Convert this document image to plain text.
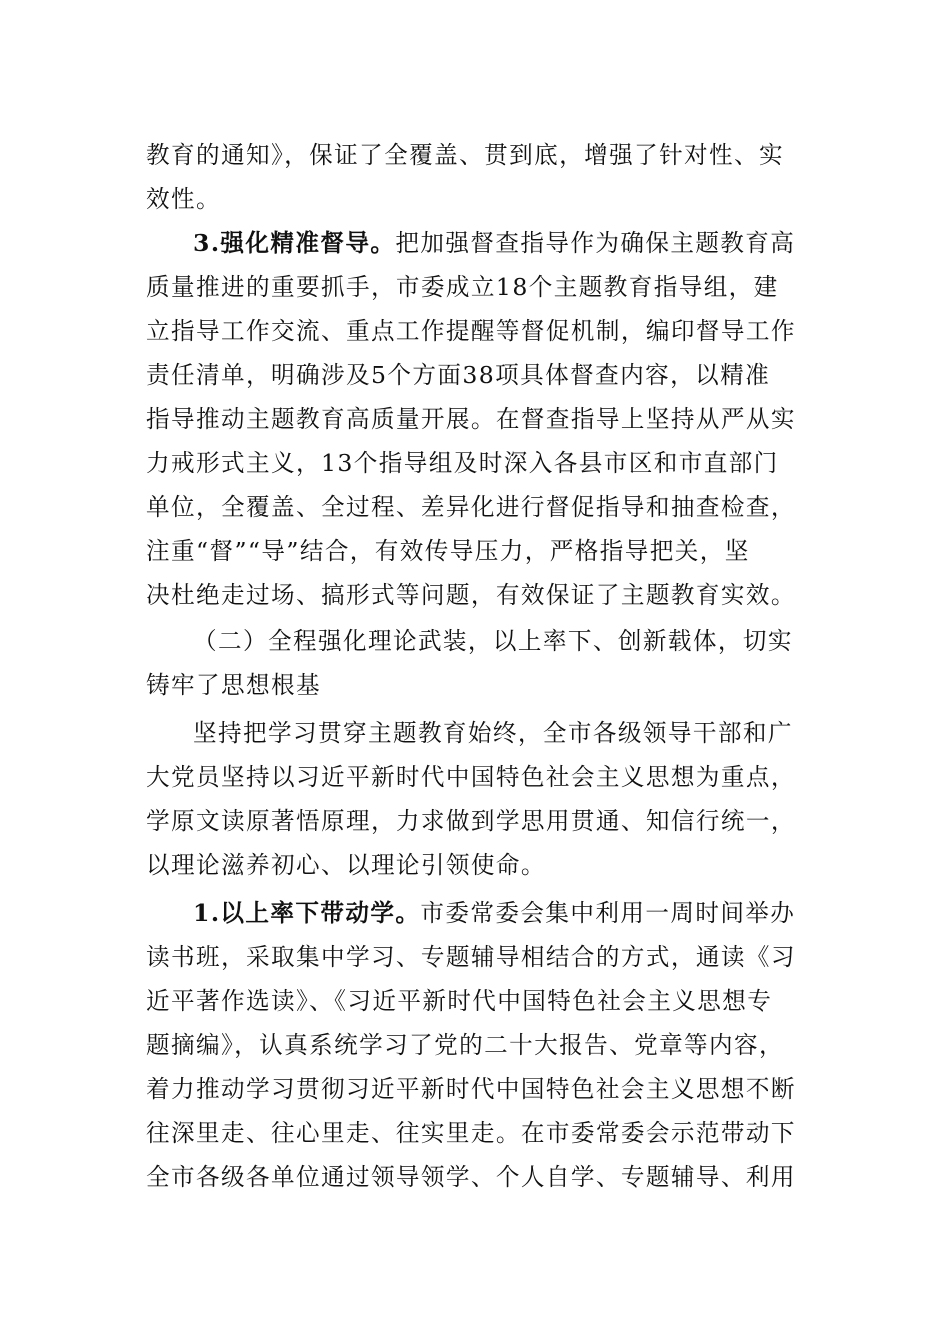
教育的通知》，保证了全覆盖、贯到底，增强了针对性、实
效性。
3.强化精准督导。把加强督查指导作为确保主题教育高
质量推进的重要抓手，市委成立18个主题教育指导组，建
立指导工作交流、重点工作提醒等督促机制，编印督导工作
责任清单，明确涉及5个方面38项具体督查内容，以精准
指导推动主题教育高质量开展。在督查指导上坚持从严从实
力戒形式主义，13个指导组及时深入各县市区和市直部门
单位，全覆盖、全过程、差异化进行督促指导和抽查检查，
注重“督”“导”结合，有效传导压力，严格指导把关，坚
决杜绝走过场、搞形式等问题，有效保证了主题教育实效。
（二）全程强化理论武装，以上率下、创新载体，切实
铸牢了思想根基
坚持把学习贯穿主题教育始终，全市各级领导干部和广
大党员坚持以习近平新时代中国特色社会主义思想为重点，
学原文读原著悟原理，力求做到学思用贯通、知信行统一，
以理论滋养初心、以理论引领使命。
1.以上率下带动学。市委常委会集中利用一周时间举办
读书班，采取集中学习、专题辅导相结合的方式，通读《习
近平著作选读》、《习近平新时代中国特色社会主义思想专
题摘编》，认真系统学习了党的二十大报告、党章等内容，
着力推动学习贯彻习近平新时代中国特色社会主义思想不断
往深里走、往心里走、往实里走。在市委常委会示范带动下
全市各级各单位通过领导领学、个人自学、专题辅导、利用
